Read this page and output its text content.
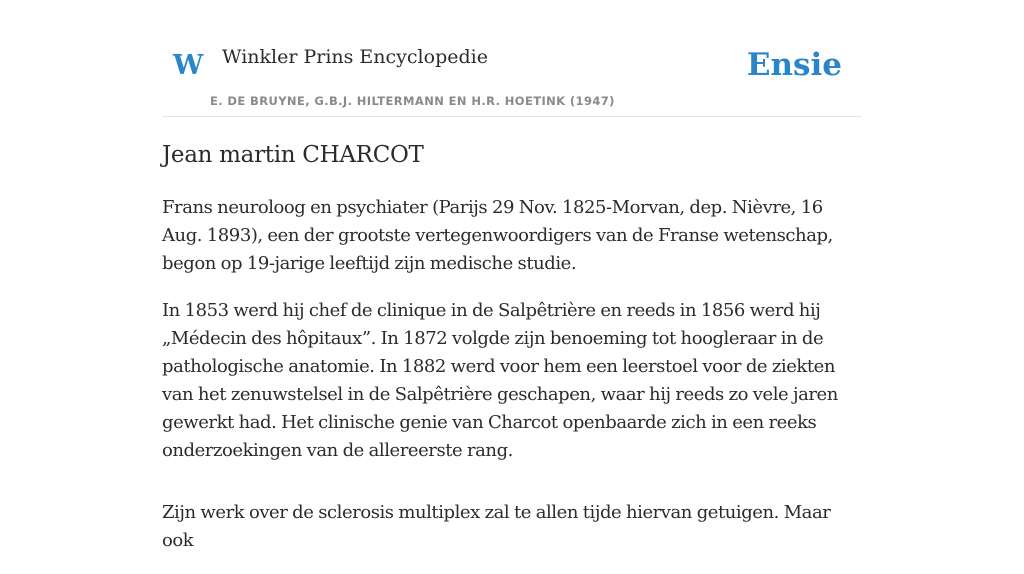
W Winkler Prins Encyclopedie
E. DE BRUYNE, G.B.J. HILTERMANN EN H.R. HOETINK (1947)
Ensie
Jean martin CHARCOT

Frans neuroloog en psychiater (Parijs 29 Nov. 1825-Morvan, dep. Nièvre, 16 Aug. 1893), een der grootste vertegenwoordigers van de Franse wetenschap, begon op 19-jarige leeftijd zijn medische studie.

In 1853 werd hij chef de clinique in de Salpêtrière en reeds in 1856 werd hij „Médecin des hôpitaux”. In 1872 volgde zijn benoeming tot hoogleraar in de pathologische anatomie. In 1882 werd voor hem een leerstoel voor de ziekten van het zenuwstelsel in de Salpêtrière geschapen, waar hij reeds zo vele jaren gewerkt had. Het clinische genie van Charcot openbaarde zich in een reeks onderzoekingen van de allereerste rang.

Zijn werk over de sclerosis multiplex zal te allen tijde hiervan getuigen. Maar ook
